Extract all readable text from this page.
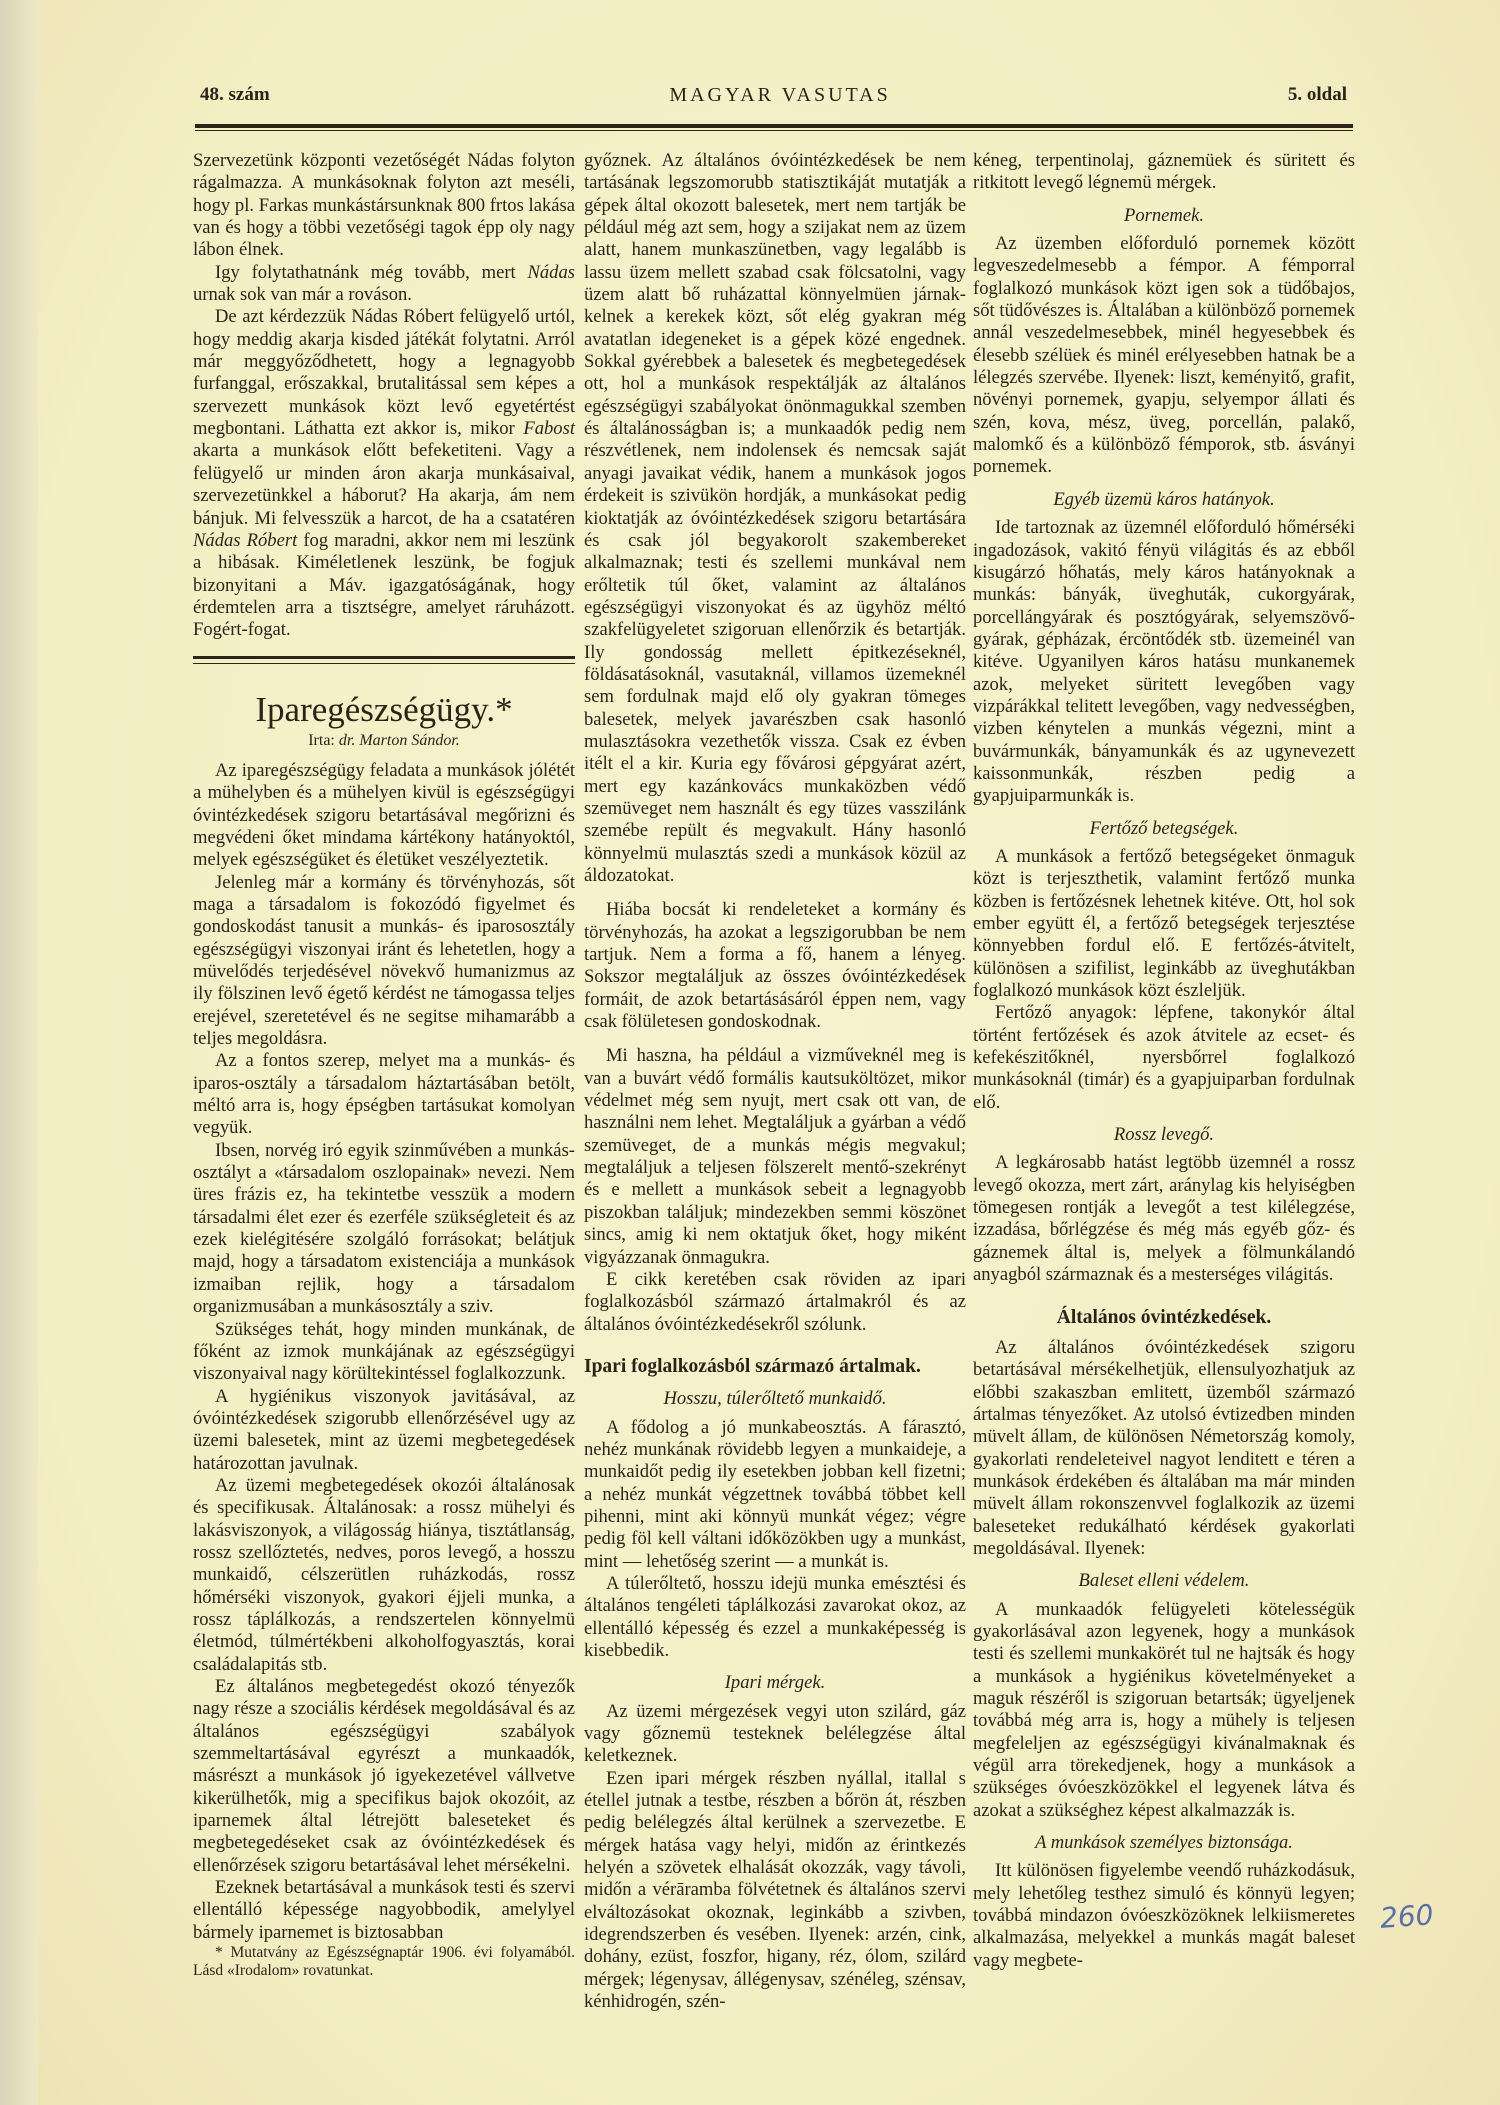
48. szám	MAGYAR VASUTAS	5. oldal

Szervezetünk központi vezetőségét Nádas folyton rágalmazza. A munkásoknak folyton azt meséli, hogy pl. Farkas munkástársunknak 800 frtos lakása van és hogy a többi vezetőségi tagok épp oly nagy lábon élnek.

Igy folytathatnánk még tovább, mert Nádas urnak sok van már a rováson.

De azt kérdezzük Nádas Róbert felügyelő urtól, hogy meddig akarja kisded játékát folytatni. Arról már meggyőződhetett, hogy a legnagyobb furfanggal, erőszakkal, brutalitással sem képes a szervezett munkások közt levő egyetértést megbontani. Láthatta ezt akkor is, mikor Fabost akarta a munkások előtt befeketiteni. Vagy a felügyelő ur minden áron akarja munkásaival, szervezetünkkel a háborut? Ha akarja, ám nem bánjuk. Mi felvesszük a harcot, de ha a csatatéren Nádas Róbert fog maradni, akkor nem mi leszünk a hibásak. Kiméletlenek leszünk, be fogjuk bizonyitani a Máv. igazgatóságának, hogy érdemtelen arra a tisztségre, amelyet ráruházott. Fogért-fogat.

Iparegészségügy.*
Irta: dr. Marton Sándor.

Az iparegészségügy feladata a munkások jólétét a mühelyben és a mühelyen kivül is egészségügyi óvintézkedések szigoru betartásával megőrizni és megvédeni őket mindama kártékony hatányoktól, melyek egészségüket és életüket veszélyeztetik.

Jelenleg már a kormány és törvényhozás, sőt maga a társadalom is fokozódó figyelmet és gondoskodást tanusit a munkás- és iparososztály egészségügyi viszonyai iránt és lehetetlen, hogy a müvelődés terjedésével növekvő humanizmus az ily fölszinen levő égető kérdést ne támogassa teljes erejével, szeretetével és ne segitse mihamarább a teljes megoldásra.

Az a fontos szerep, melyet ma a munkás- és iparos-osztály a társadalom háztartásában betölt, méltó arra is, hogy épségben tartásukat komolyan vegyük.

Ibsen, norvég iró egyik szinművében a munkás-osztályt a «társadalom oszlopainak» nevezi. Nem üres frázis ez, ha tekintetbe vesszük a modern társadalmi élet ezer és ezerféle szükségleteit és az ezek kielégitésére szolgáló forrásokat; belátjuk majd, hogy a társadatom existenciája a munkások izmaiban rejlik, hogy a társadalom organizmusában a munkásosztály a sziv.

Szükséges tehát, hogy minden munkának, de főként az izmok munkájának az egészségügyi viszonyaival nagy körültekintéssel foglalkozzunk.

A hygiénikus viszonyok javitásával, az óvóintézkedések szigorubb ellenőrzésével ugy az üzemi balesetek, mint az üzemi megbetegedések határozottan javulnak.

Az üzemi megbetegedések okozói általánosak és specifikusak. Általánosak: a rossz mühelyi és lakásviszonyok, a világosság hiánya, tisztátlanság, rossz szellőztetés, nedves, poros levegő, a hosszu munkaidő, célszerütlen ruházkodás, rossz hőmérséki viszonyok, gyakori éjjeli munka, a rossz táplálkozás, a rendszertelen könnyelmü életmód, túlmértékbeni alkoholfogyasztás, korai családalapitás stb.

Ez általános megbetegedést okozó tényezők nagy része a szociális kérdések megoldásával és az általános egészségügyi szabályok szemmeltartásával egyrészt a munkaadók, másrészt a munkások jó igyekezetével vállvetve kikerülhetők, mig a specifikus bajok okozóit, az iparnemek által létrejött baleseteket és megbetegedéseket csak az óvóintézkedések és ellenőrzések szigoru betartásával lehet mérsékelni.

Ezeknek betartásával a munkások testi és szervi ellentálló képessége nagyobbodik, amelylyel bármely iparnemet is biztosabban

* Mutatvány az Egészségnaptár 1906. évi folyamából. Lásd «Irodalom» rovatunkat.

győznek. Az általános óvóintézkedések be nem tartásának legszomorubb statisztikáját mutatják a gépek által okozott balesetek, mert nem tartják be például még azt sem, hogy a szijakat nem az üzem alatt, hanem munkaszünetben, vagy legalább is lassu üzem mellett szabad csak fölcsatolni, vagy üzem alatt bő ruházattal könnyelmüen járnak-kelnek a kerekek közt, sőt elég gyakran még avatatlan idegeneket is a gépek közé engednek. Sokkal gyérebbek a balesetek és megbetegedések ott, hol a munkások respektálják az általános egészségügyi szabályokat önönmagukkal szemben és általánosságban is; a munkaadók pedig nem részvétlenek, nem indolensek és nemcsak saját anyagi javaikat védik, hanem a munkások jogos érdekeit is szivükön hordják, a munkásokat pedig kioktatják az óvóintézkedések szigoru betartására és csak jól begyakorolt szakembereket alkalmaznak; testi és szellemi munkával nem erőltetik túl őket, valamint az általános egészségügyi viszonyokat és az ügyhöz méltó szakfelügyeletet szigoruan ellenőrzik és betartják. Ily gondosság mellett épitkezéseknél, földásatásoknál, vasutaknál, villamos üzemeknél sem fordulnak majd elő oly gyakran tömeges balesetek, melyek javarészben csak hasonló mulasztásokra vezethetők vissza. Csak ez évben itélt el a kir. Kuria egy fővárosi gépgyárat azért, mert egy kazánkovács munkaközben védő szemüveget nem használt és egy tüzes vasszilánk szemébe repült és megvakult. Hány hasonló könnyelmü mulasztás szedi a munkások közül az áldozatokat.

Hiába bocsát ki rendeleteket a kormány és törvényhozás, ha azokat a legszigorubban be nem tartjuk. Nem a forma a fő, hanem a lényeg. Sokszor megtaláljuk az összes óvóintézkedések formáit, de azok betartásásáról éppen nem, vagy csak fölületesen gondoskodnak.

Mi haszna, ha például a vizműveknél meg is van a buvárt védő formális kautsuköltözet, mikor védelmet még sem nyujt, mert csak ott van, de használni nem lehet. Megtaláljuk a gyárban a védő szemüveget, de a munkás mégis megvakul; megtaláljuk a teljesen fölszerelt mentő-szekrényt és e mellett a munkások sebeit a legnagyobb piszokban találjuk; mindezekben semmi köszönet sincs, amig ki nem oktatjuk őket, hogy miként vigyázzanak önmagukra.

E cikk keretében csak röviden az ipari foglalkozásból származó ártalmakról és az általános óvóintézkedésekről szólunk.

Ipari foglalkozásból származó ártalmak.
Hosszu, túlerőltető munkaidő.

A fődolog a jó munkabeosztás. A fárasztó, nehéz munkának rövidebb legyen a munkaideje, a munkaidőt pedig ily esetekben jobban kell fizetni; a nehéz munkát végzettnek továbbá többet kell pihenni, mint aki könnyü munkát végez; végre pedig föl kell váltani időközökben ugy a munkást, mint — lehetőség szerint — a munkát is.

A túlerőltető, hosszu idejü munka emésztési és általános tengéleti táplálkozási zavarokat okoz, az ellentálló képesség és ezzel a munkaképesség is kisebbedik.

Ipari mérgek.

Az üzemi mérgezések vegyi uton szilárd, gáz vagy gőznemü testeknek belélegzése által keletkeznek.

Ezen ipari mérgek részben nyállal, itallal s étellel jutnak a testbe, részben a bőrön át, részben pedig belélegzés által kerülnek a szervezetbe. E mérgek hatása vagy helyi, midőn az érintkezés helyén a szövetek elhalását okozzák, vagy távoli, midőn a vérāramba fölvétetnek és általános szervi elváltozásokat okoznak, leginkább a szivben, idegrendszerben és vesében. Ilyenek: arzén, cink, dohány, ezüst, foszfor, higany, réz, ólom, szilárd mérgek; légenysav, állégenysav, szénéleg, szénsav, kénhidrogén, szén-

kéneg, terpentinolaj, gáznemüek és süritett és ritkitott levegő légnemü mérgek.

Pornemek.

Az üzemben előforduló pornemek között legveszedelmesebb a fémpor. A fémporral foglalkozó munkások közt igen sok a tüdőbajos, sőt tüdővészes is. Általában a különböző pornemek annál veszedelmesebbek, minél hegyesebbek és élesebb szélüek és minél erélyesebben hatnak be a lélegzés szervébe. Ilyenek: liszt, keményitő, grafit, növényi pornemek, gyapju, selyempor állati és szén, kova, mész, üveg, porcellán, palakő, malomkő és a különböző fémporok, stb. ásványi pornemek.

Egyéb üzemü káros hatányok.

Ide tartoznak az üzemnél előforduló hőmérséki ingadozások, vakitó fényü világitás és az ebből kisugárzó hőhatás, mely káros hatányoknak a munkás: bányák, üveghuták, cukorgyárak, porcellángyárak és posztógyárak, selyemszövő-gyárak, gépházak, ércöntődék stb. üzemeinél van kitéve. Ugyanilyen káros hatásu munkanemek azok, melyeket süritett levegőben vagy vizpárákkal telitett levegőben, vagy nedvességben, vizben kénytelen a munkás végezni, mint a buvármunkák, bányamunkák és az ugynevezett kaissonmunkák, részben pedig a gyapjuiparmunkák is.

Fertőző betegségek.

A munkások a fertőző betegségeket önmaguk közt is terjeszthetik, valamint fertőző munka közben is fertőzésnek lehetnek kitéve. Ott, hol sok ember együtt él, a fertőző betegségek terjesztése könnyebben fordul elő. E fertőzés-átvitelt, különösen a szifilist, leginkább az üveghutákban foglalkozó munkások közt észleljük.

Fertőző anyagok: lépfene, takonykór által történt fertőzések és azok átvitele az ecset- és kefekészitőknél, nyersbőrrel foglalkozó munkásoknál (timár) és a gyapjuiparban fordulnak elő.

Rossz levegő.

A legkárosabb hatást legtöbb üzemnél a rossz levegő okozza, mert zárt, aránylag kis helyiségben tömegesen rontják a levegőt a test kilélegzése, izzadása, bőrlégzése és még más egyéb gőz- és gáznemek által is, melyek a fölmunkálandó anyagból származnak és a mesterséges világitás.

Általános óvintézkedések.

Az általános óvóintézkedések szigoru betartásával mérsékelhetjük, ellensulyozhatjuk az előbbi szakaszban emlitett, üzemből származó ártalmas tényezőket. Az utolsó évtizedben minden müvelt állam, de különösen Németország komoly, gyakorlati rendeleteivel nagyot lenditett e téren a munkások érdekében és általában ma már minden müvelt állam rokonszenvvel foglalkozik az üzemi baleseteket redukálható kérdések gyakorlati megoldásával. Ilyenek:

Baleset elleni védelem.

A munkaadók felügyeleti kötelességük gyakorlásával azon legyenek, hogy a munkások testi és szellemi munkakörét tul ne hajtsák és hogy a munkások a hygiénikus követelményeket a maguk részéről is szigoruan betartsák; ügyeljenek továbbá még arra is, hogy a mühely is teljesen megfeleljen az egészségügyi kivánalmaknak és végül arra törekedjenek, hogy a munkások a szükséges óvóeszközökkel el legyenek látva és azokat a szükséghez képest alkalmazzák is.

A munkások személyes biztonsága.

Itt különösen figyelembe veendő ruházkodásuk, mely lehetőleg testhez simuló és könnyü legyen; továbbá mindazon óvóeszközöknek lelkiismeretes alkalmazása, melyekkel a munkás magát baleset vagy megbete-

260
